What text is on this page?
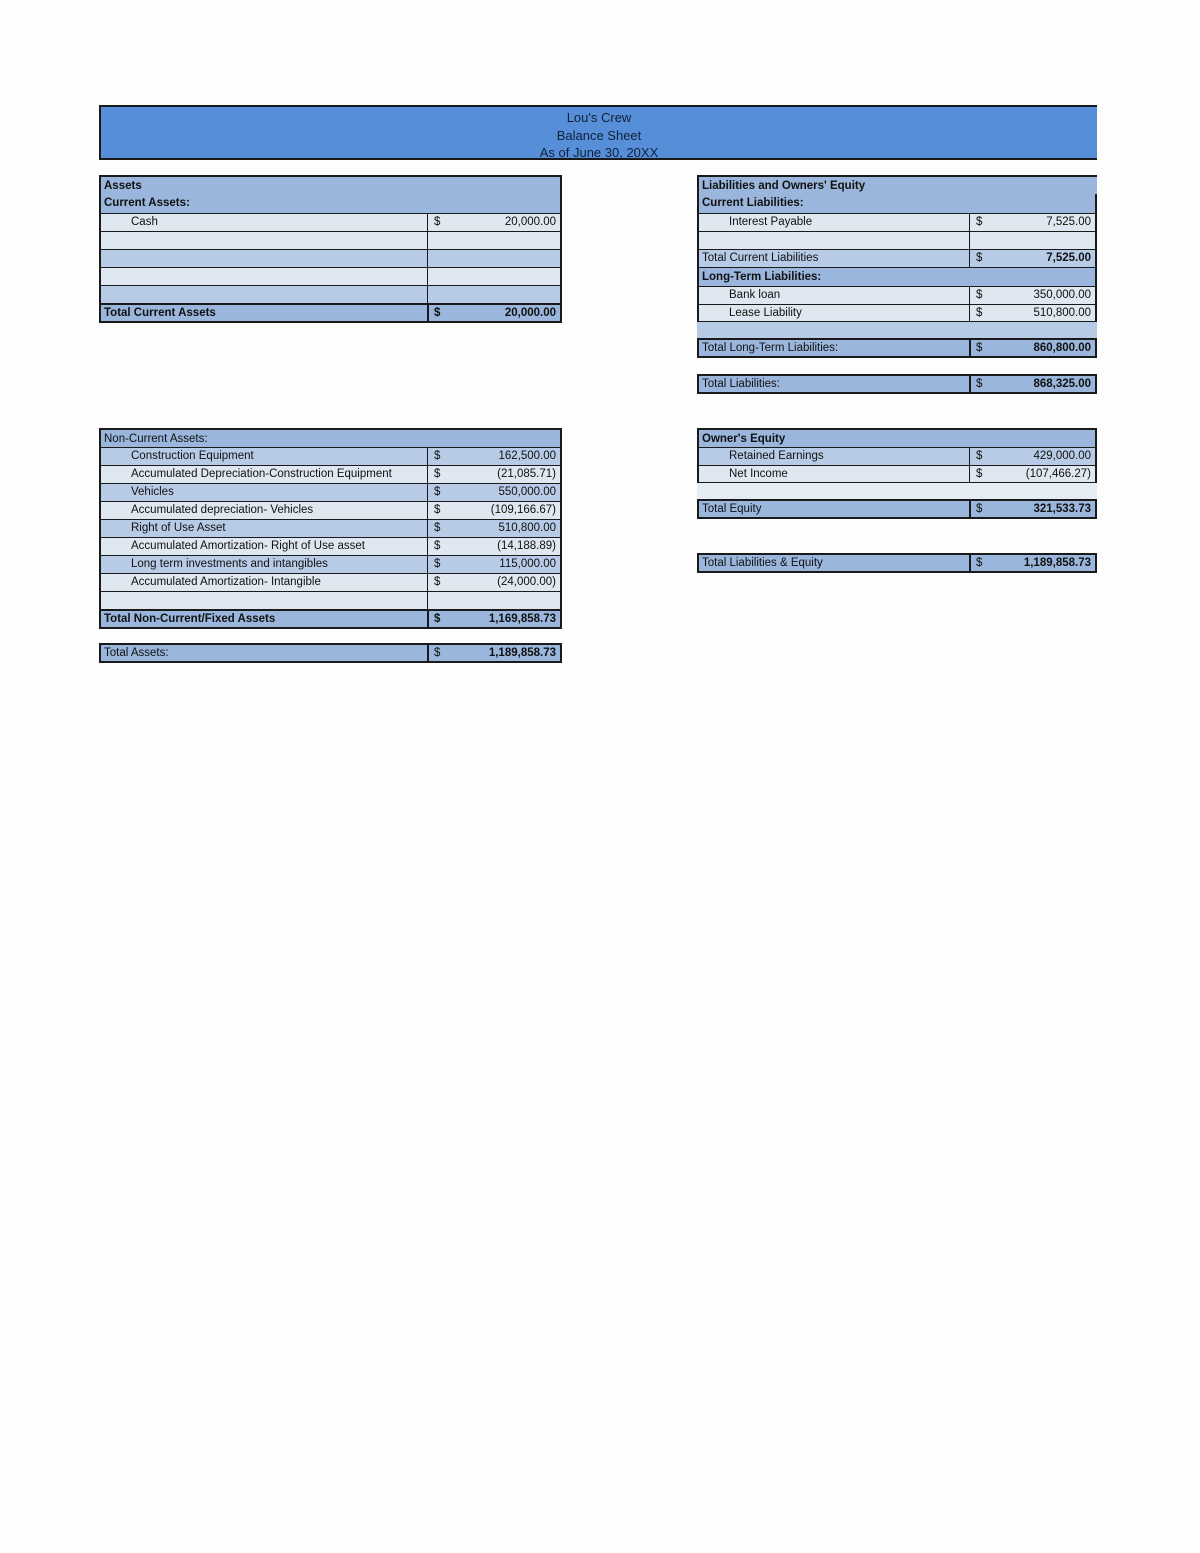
Lou's Crew
Balance Sheet
As of June 30, 20XX
Assets
Current Assets:
Cash	$	20,000.00
Total Current Assets	$	20,000.00
Liabilities and Owners' Equity
Current Liabilities:
Interest Payable	$	7,525.00
Total Current Liabilities	$	7,525.00
Long-Term Liabilities:
Bank loan	$	350,000.00
Lease Liability	$	510,800.00
Total Long-Term Liabilities:	$	860,800.00
Total Liabilities:	$	868,325.00
Non-Current Assets:
Construction Equipment	$	162,500.00
Accumulated Depreciation-Construction Equipment	$	(21,085.71)
Vehicles	$	550,000.00
Accumulated depreciation- Vehicles	$	(109,166.67)
Right of Use Asset	$	510,800.00
Accumulated Amortization- Right of Use asset	$	(14,188.89)
Long term investments and intangibles	$	115,000.00
Accumulated Amortization- Intangible	$	(24,000.00)
Total Non-Current/Fixed Assets	$	1,169,858.73
Total Assets:	$	1,189,858.73
Owner's Equity
Retained Earnings	$	429,000.00
Net Income	$	(107,466.27)
Total Equity	$	321,533.73
Total Liabilities & Equity	$	1,189,858.73
